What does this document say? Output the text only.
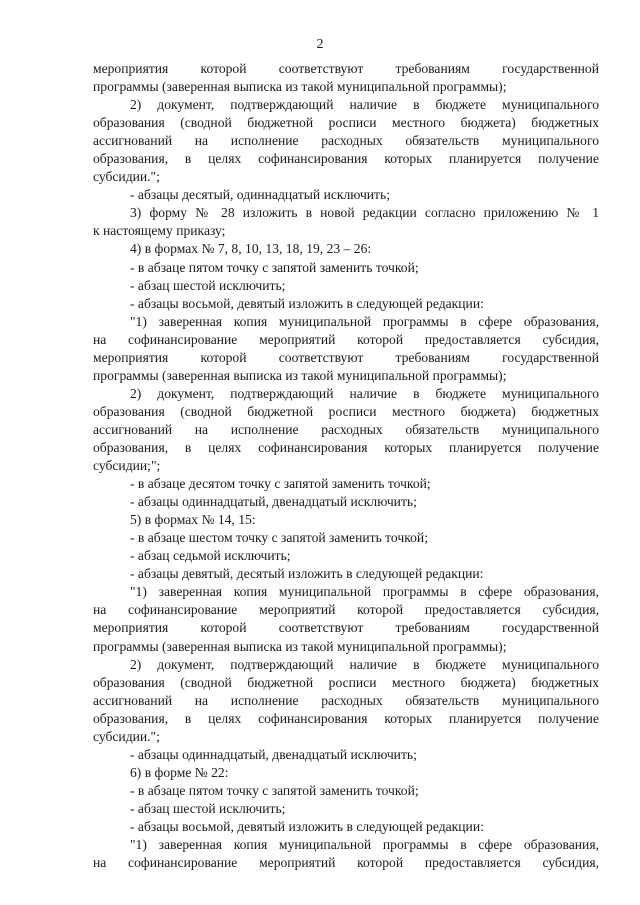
2
мероприятия которой соответствуют требованиям государственной
программы (заверенная выписка из такой муниципальной программы);
2) документ, подтверждающий наличие в бюджете муниципального
образования (сводной бюджетной росписи местного бюджета) бюджетных
ассигнований на исполнение расходных обязательств муниципального
образования, в целях софинансирования которых планируется получение
субсидии.";
- абзацы десятый, одиннадцатый исключить;
3) форму № 28 изложить в новой редакции согласно приложению № 1
к настоящему приказу;
4) в формах № 7, 8, 10, 13, 18, 19, 23 – 26:
- в абзаце пятом точку с запятой заменить точкой;
- абзац шестой исключить;
- абзацы восьмой, девятый изложить в следующей редакции:
"1) заверенная копия муниципальной программы в сфере образования,
на софинансирование мероприятий которой предоставляется субсидия,
мероприятия которой соответствуют требованиям государственной
программы (заверенная выписка из такой муниципальной программы);
2) документ, подтверждающий наличие в бюджете муниципального
образования (сводной бюджетной росписи местного бюджета) бюджетных
ассигнований на исполнение расходных обязательств муниципального
образования, в целях софинансирования которых планируется получение
субсидии;";
- в абзаце десятом точку с запятой заменить точкой;
- абзацы одиннадцатый, двенадцатый исключить;
5) в формах № 14, 15:
- в абзаце шестом точку с запятой заменить точкой;
- абзац седьмой исключить;
- абзацы девятый, десятый изложить в следующей редакции:
"1) заверенная копия муниципальной программы в сфере образования,
на софинансирование мероприятий которой предоставляется субсидия,
мероприятия которой соответствуют требованиям государственной
программы (заверенная выписка из такой муниципальной программы);
2) документ, подтверждающий наличие в бюджете муниципального
образования (сводной бюджетной росписи местного бюджета) бюджетных
ассигнований на исполнение расходных обязательств муниципального
образования, в целях софинансирования которых планируется получение
субсидии.";
- абзацы одиннадцатый, двенадцатый исключить;
6) в форме № 22:
- в абзаце пятом точку с запятой заменить точкой;
- абзац шестой исключить;
- абзацы восьмой, девятый изложить в следующей редакции:
"1) заверенная копия муниципальной программы в сфере образования,
на софинансирование мероприятий которой предоставляется субсидия,
